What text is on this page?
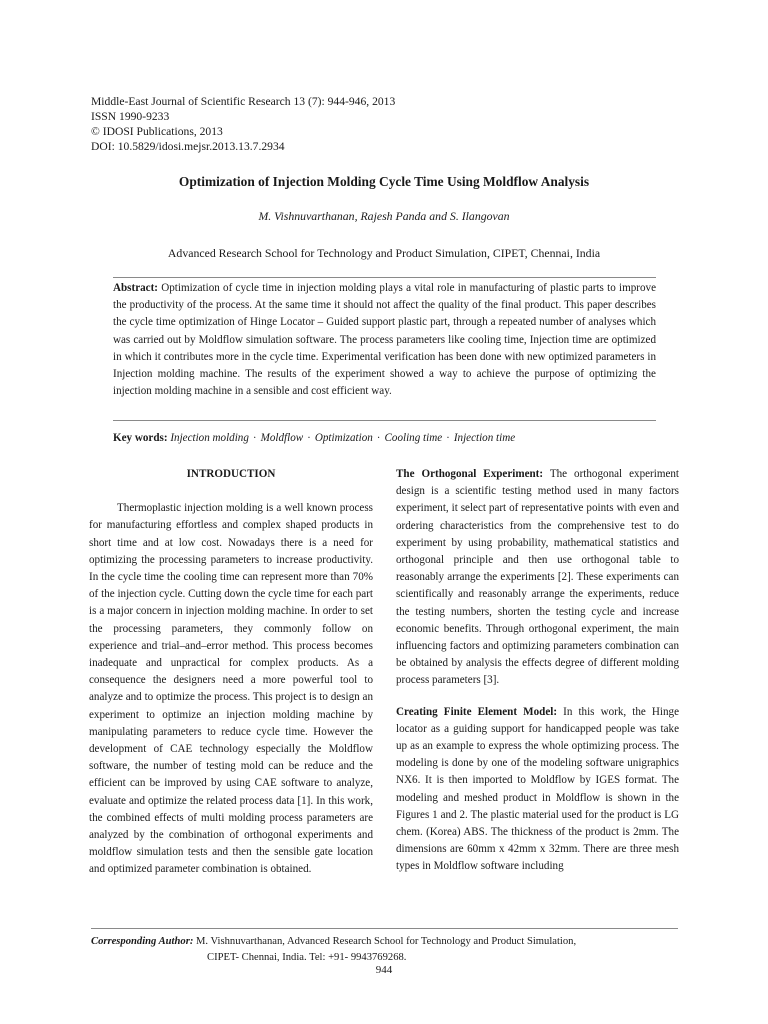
Middle-East Journal of Scientific Research 13 (7): 944-946, 2013
ISSN 1990-9233
© IDOSI Publications, 2013
DOI: 10.5829/idosi.mejsr.2013.13.7.2934
Optimization of Injection Molding Cycle Time Using Moldflow Analysis
M. Vishnuvarthanan, Rajesh Panda and S. Ilangovan
Advanced Research School for Technology and Product Simulation, CIPET, Chennai, India
Abstract: Optimization of cycle time in injection molding plays a vital role in manufacturing of plastic parts to improve the productivity of the process. At the same time it should not affect the quality of the final product. This paper describes the cycle time optimization of Hinge Locator – Guided support plastic part, through a repeated number of analyses which was carried out by Moldflow simulation software. The process parameters like cooling time, Injection time are optimized in which it contributes more in the cycle time. Experimental verification has been done with new optimized parameters in Injection molding machine. The results of the experiment showed a way to achieve the purpose of optimizing the injection molding machine in a sensible and cost efficient way.
Key words: Injection molding · Moldflow · Optimization · Cooling time · Injection time

INTRODUCTION

Thermoplastic injection molding is a well known process for manufacturing effortless and complex shaped products in short time and at low cost. Nowadays there is a need for optimizing the processing parameters to increase productivity. In the cycle time the cooling time can represent more than 70% of the injection cycle. Cutting down the cycle time for each part is a major concern in injection molding machine. In order to set the processing parameters, they commonly follow on experience and trial–and–error method. This process becomes inadequate and unpractical for complex products. As a consequence the designers need a more powerful tool to analyze and to optimize the process. This project is to design an experiment to optimize an injection molding machine by manipulating parameters to reduce cycle time. However the development of CAE technology especially the Moldflow software, the number of testing mold can be reduce and the efficient can be improved by using CAE software to analyze, evaluate and optimize the related process data [1]. In this work, the combined effects of multi molding process parameters are analyzed by the combination of orthogonal experiments and moldflow simulation tests and then the sensible gate location and optimized parameter combination is obtained.

The Orthogonal Experiment: The orthogonal experiment design is a scientific testing method used in many factors experiment, it select part of representative points with even and ordering characteristics from the comprehensive test to do experiment by using probability, mathematical statistics and orthogonal principle and then use orthogonal table to reasonably arrange the experiments [2]. These experiments can scientifically and reasonably arrange the experiments, reduce the testing numbers, shorten the testing cycle and increase economic benefits. Through orthogonal experiment, the main influencing factors and optimizing parameters combination can be obtained by analysis the effects degree of different molding process parameters [3].

Creating Finite Element Model: In this work, the Hinge locator as a guiding support for handicapped people was take up as an example to express the whole optimizing process. The modeling is done by one of the modeling software unigraphics NX6. It is then imported to Moldflow by IGES format. The modeling and meshed product in Moldflow is shown in the Figures 1 and 2. The plastic material used for the product is LG chem. (Korea) ABS. The thickness of the product is 2mm. The dimensions are 60mm x 42mm x 32mm. There are three mesh types in Moldflow software including

Corresponding Author: M. Vishnuvarthanan, Advanced Research School for Technology and Product Simulation,
CIPET- Chennai, India. Tel: +91- 9943769268.
944
